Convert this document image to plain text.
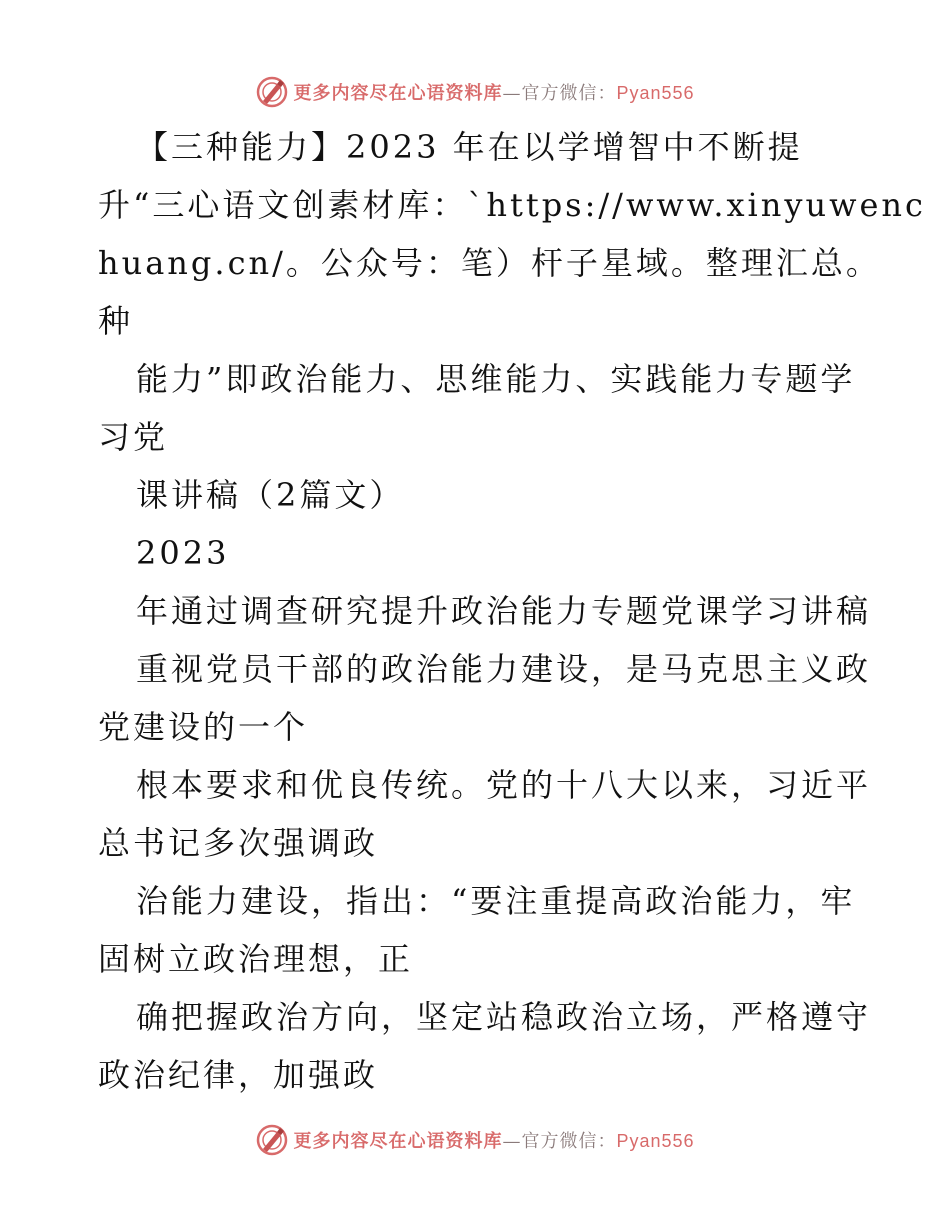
更多内容尽在心语资料库—官方微信：Pyan556
【三种能力】2023 年在以学增智中不断提
升“三心语文创素材库：`https://www.xinyuwenc
huang.cn/。公众号：笔）杆子星域。整理汇总。
种
能力”即政治能力、思维能力、实践能力专题学
习党
课讲稿（2篇文）
2023
年通过调查研究提升政治能力专题党课学习讲稿
重视党员干部的政治能力建设，是马克思主义政
党建设的一个
根本要求和优良传统。党的十八大以来，习近平
总书记多次强调政
治能力建设，指出：“要注重提高政治能力，牢
固树立政治理想，正
确把握政治方向，坚定站稳政治立场，严格遵守
政治纪律，加强政
更多内容尽在心语资料库—官方微信：Pyan556
